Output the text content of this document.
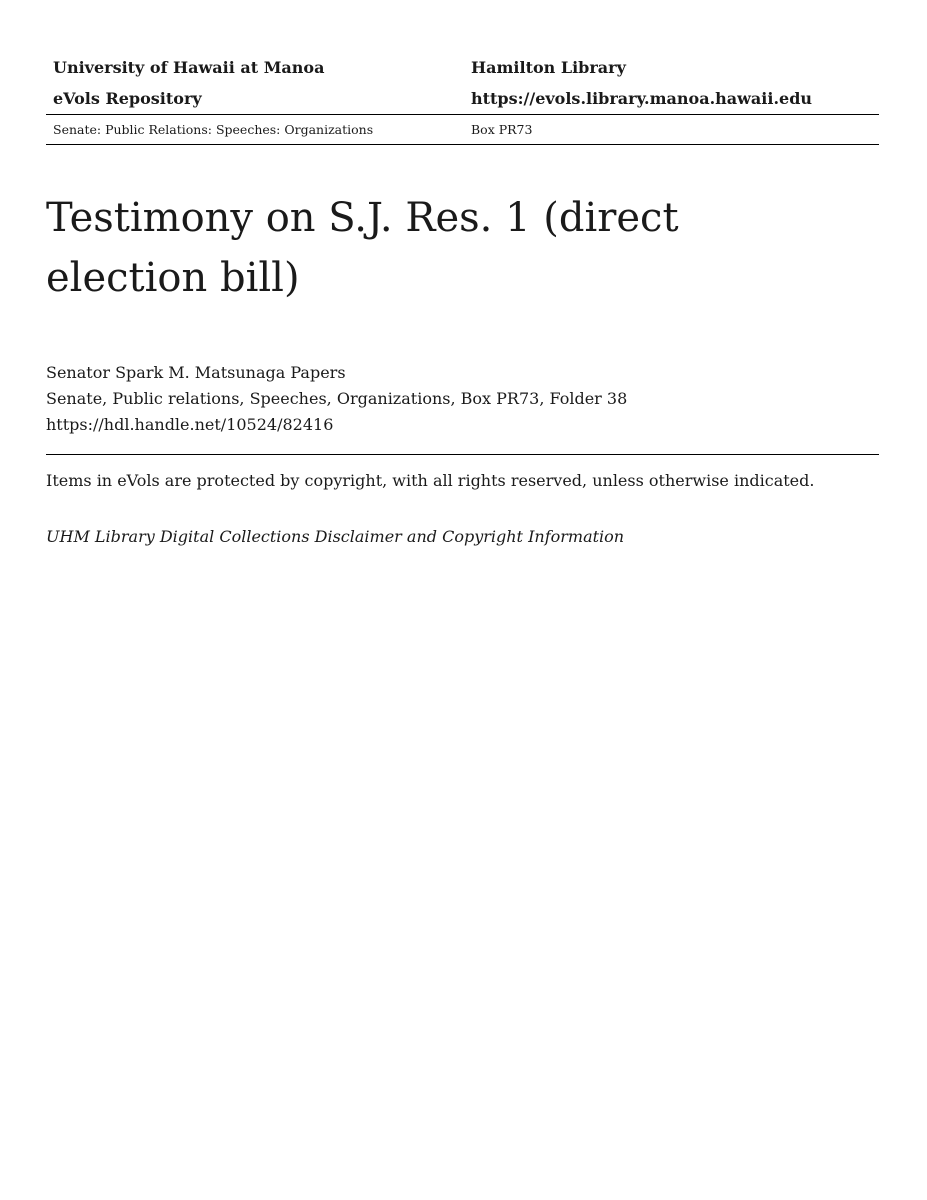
University of Hawaii at Manoa	Hamilton Library
eVols Repository	https://evols.library.manoa.hawaii.edu
Senate: Public Relations: Speeches: Organizations	Box PR73
Testimony on S.J. Res. 1 (direct election bill)
Senator Spark M. Matsunaga Papers
Senate, Public relations, Speeches, Organizations, Box PR73, Folder 38
https://hdl.handle.net/10524/82416
Items in eVols are protected by copyright, with all rights reserved, unless otherwise indicated.
UHM Library Digital Collections Disclaimer and Copyright Information
